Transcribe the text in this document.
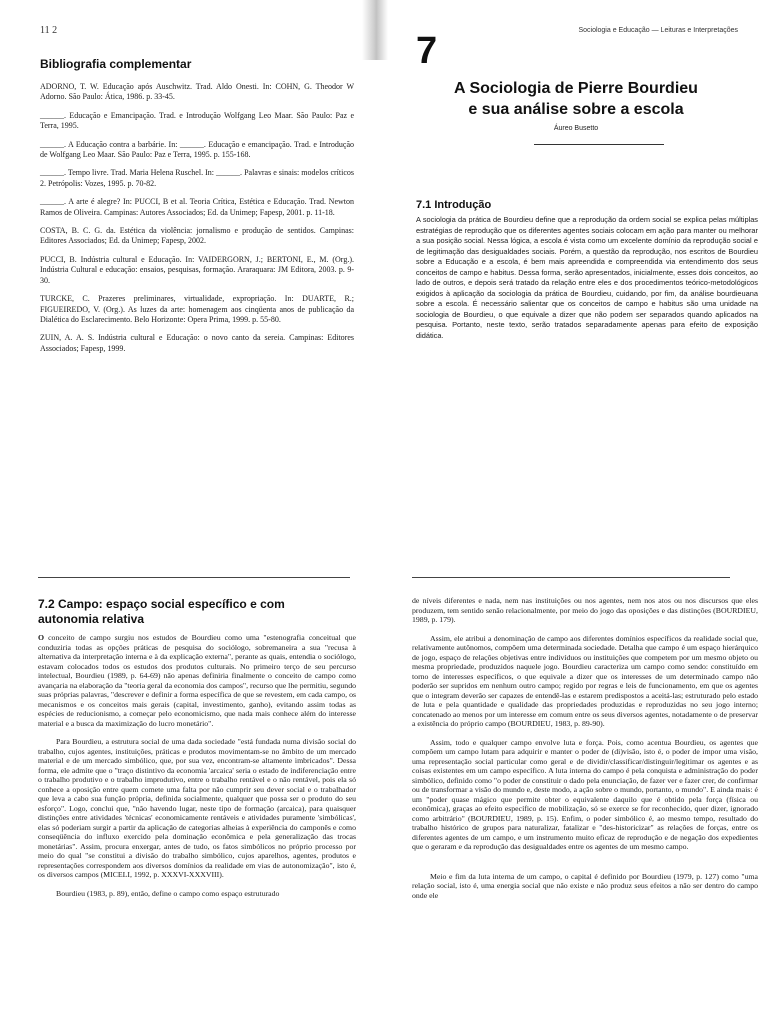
11 2	Sociologia e Educação — Leituras e Interpretações
Bibliografia complementar

ADORNO, T. W. Educação após Auschwitz. Trad. Aldo Onesti. In: COHN, G. Theodor W Adorno. São Paulo: Ática, 1986. p. 33-45.

______. Educação e Emancipação. Trad. e Introdução Wolfgang Leo Maar. São Paulo: Paz e Terra, 1995.

______. A Educação contra a barbárie. In: ______. Educação e emancipação. Trad. e Introdução de Wolfgang Leo Maar. São Paulo: Paz e Terra, 1995. p. 155-168.

______. Tempo livre. Trad. Maria Helena Ruschel. In: ______. Palavras e sinais: modelos críticos 2. Petrópolis: Vozes, 1995. p. 70-82.

______. A arte é alegre? In: PUCCI, B et al. Teoria Crítica, Estética e Educação. Trad. Newton Ramos de Oliveira. Campinas: Autores Associados; Ed. da Unimep; Fapesp, 2001. p. 11-18.

COSTA, B. C. G. da. Estética da violência: jornalismo e produção de sentidos. Campinas: Editores Associados; Ed. da Unimep; Fapesp, 2002.

PUCCI, B. Indústria cultural e Educação. In: VAIDERGORN, J.; BERTONI, E., M. (Org.). Indústria Cultural e educação: ensaios, pesquisas, formação. Araraquara: JM Editora, 2003. p. 9-30.

TURCKE, C. Prazeres preliminares, virtualidade, expropriação. In: DUARTE, R.; FIGUEIREDO, V. (Org.). As luzes da arte: homenagem aos cinqüenta anos de publicação da Dialética do Esclarecimento. Belo Horizonte: Opera Prima, 1999. p. 55-80.

ZUIN, A. A. S. Indústria cultural e Educação: o novo canto da sereia. Campinas: Editores Associados; Fapesp, 1999.

7
A Sociologia de Pierre Bourdieu
e sua análise sobre a escola
Áureo Busetto
7.1 Introdução
A sociologia da prática de Bourdieu define que a reprodução da ordem social se explica pelas múltiplas estratégias de reprodução que os diferentes agentes sociais colocam em ação para manter ou melhorar a sua posição social. Nessa lógica, a escola é vista como um excelente domínio da reprodução social e de legitimação das desigualdades sociais. Porém, a questão da reprodução, nos escritos de Bourdieu sobre a Educação e a escola, é bem mais apreendida e compreendida via entendimento dos seus conceitos de campo e habitus. Dessa forma, serão apresentados, inicialmente, esses dois conceitos, ao lado de outros, e depois será tratado da relação entre eles e dos procedimentos teórico-metodológicos exigidos à aplicação da sociologia da prática de Bourdieu, cuidando, por fim, da análise bourdieuana sobre a escola. É necessário salientar que os conceitos de campo e habitus são uma unidade na sociologia de Bourdieu, o que equivale a dizer que não podem ser separados quando aplicados na pesquisa. Portanto, neste texto, serão tratados separadamente apenas para efeito de exposição didática.
7.2 Campo: espaço social específico e com autonomia relativa

O conceito de campo surgiu nos estudos de Bourdieu como uma "estenografia conceitual que conduziria todas as opções práticas de pesquisa do sociólogo, sobremaneira a sua "recusa à alternativa da interpretação interna e à da explicação externa", perante as quais, entendia o sociólogo, estavam colocados todos os estudos dos produtos culturais. No primeiro terço de seu percurso intelectual, Bourdieu (1989, p. 64-69) não apenas definiria finalmente o conceito de campo como avançaria na elaboração da "teoria geral da economia dos campos", recurso que lhe permitiu, segundo suas próprias palavras, "descrever e definir a forma específica de que se revestem, em cada campo, os mecanismos e os conceitos mais gerais (capital, investimento, ganho), evitando assim todas as espécies de reducionismo, a começar pelo economicismo, que nada mais conhece além do interesse material e a busca da maximização do lucro monetário".

Para Bourdieu, a estrutura social de uma dada sociedade "está fundada numa divisão social do trabalho, cujos agentes, instituições, práticas e produtos movimentam-se no âmbito de um mercado material e de um mercado simbólico, que, por sua vez, encontram-se altamente imbricados". Dessa forma, ele admite que o "traço distintivo da economia 'arcaica' seria o estado de indiferenciação entre o trabalho produtivo e o trabalho improdutivo, entre o trabalho rentável e o não rentável, pois ela só conhece a oposição entre quem comete uma falta por não cumprir seu dever social e o trabalhador que leva a cabo sua função própria, definida socialmente, qualquer que possa ser o produto do seu esforço". Logo, conclui que, "não havendo lugar, neste tipo de formação (arcaica), para quaisquer distinções entre atividades 'técnicas' economicamente rentáveis e atividades puramente 'simbólicas', elas só poderiam surgir a partir da aplicação de categorias alheias à experiência do camponês e como conseqüência do influxo exercido pela dominação econômica e pela generalização das trocas monetárias". Assim, procura enxergar, antes de tudo, os fatos simbólicos no próprio processo por meio do qual "se constitui a divisão do trabalho simbólico, cujos aparelhos, agentes, produtos e representações correspondem aos diversos domínios da realidade em vias de autonomização", isto é, os diversos campos (MICELI, 1992, p. XXXVI-XXXVIII).

Bourdieu (1983, p. 89), então, define o campo como espaço estruturado

de níveis diferentes e nada, nem nas instituições ou nos agentes, nem nos atos ou nos discursos que eles produzem, tem sentido senão relacionalmente, por meio do jogo das oposições e das distinções (BOURDIEU, 1989, p. 179).

Assim, ele atribui a denominação de campo aos diferentes domínios específicos da realidade social que, relativamente autônomos, compõem uma determinada sociedade. Detalha que campo é um espaço hierárquico de jogo, espaço de relações objetivas entre indivíduos ou instituições que competem por um mesmo objeto ou mesma propriedade, produzidos naquele jogo. Bourdieu caracteriza um campo como sendo: constituído em torno de interesses específicos, o que equivale a dizer que os interesses de um determinado campo não poderão ser supridos em nenhum outro campo; regido por regras e leis de funcionamento, em que os agentes que o integram deverão ser capazes de entendê-las e estarem predispostos a aceitá-las; estruturado pelo estado de luta e pela quantidade e qualidade das propriedades produzidas e reproduzidas no seu jogo interno; concatenado ao menos por um interesse em comum entre os seus diversos agentes, notadamente o de preservar a existência do próprio campo (BOURDIEU, 1983, p. 89-90).

Assim, todo e qualquer campo envolve luta e força. Pois, como acentua Bourdieu, os agentes que compõem um campo lutam para adquirir e manter o poder de (di)visão, isto é, o poder de impor uma visão, uma representação social particular como geral e de dividir/classificar/distinguir/legitimar os agentes e as coisas existentes em um campo específico. A luta interna do campo é pela conquista e administração do poder simbólico, definido como "o poder de constituir o dado pela enunciação, de fazer ver e fazer crer, de confirmar ou de transformar a visão do mundo e, deste modo, a ação sobre o mundo, portanto, o mundo". E ainda mais: é um "poder quase mágico que permite obter o equivalente daquilo que é obtido pela força (física ou econômica), graças ao efeito específico de mobilização, só se exerce se for reconhecido, quer dizer, ignorado como arbitrário" (BOURDIEU, 1989, p. 15). Enfim, o poder simbólico é, ao mesmo tempo, resultado do trabalho histórico de grupos para naturalizar, fatalizar e "des-historicizar" as relações de forças, entre os diferentes agentes de um campo, e um instrumento muito eficaz de reprodução e de negação dos expedientes que o geraram e da reprodução das desigualdades entre os agentes de um mesmo campo.

Meio e fim da luta interna de um campo, o capital é definido por Bourdieu (1979, p. 127) como "uma relação social, isto é, uma energia social que não existe e não produz seus efeitos a não ser dentro do campo onde ele
